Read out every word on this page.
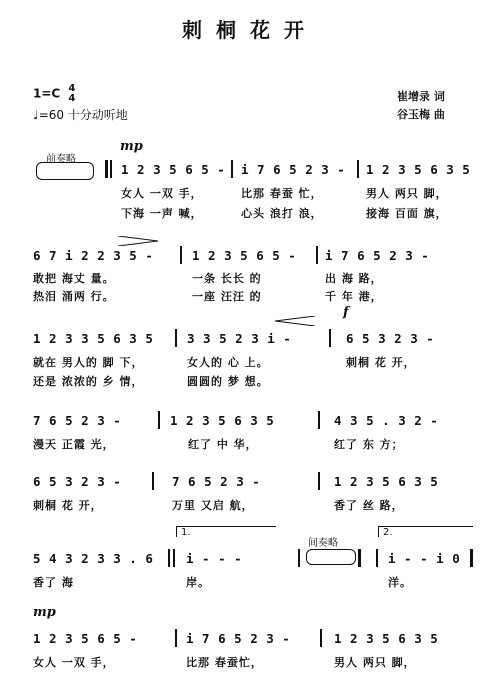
刺桐花开
1=C 4
4
♩=60 十分动听地
崔增录 词
谷玉梅 曲
前奏略
mp
1 2 3 5 6 5 - i 7 6 5 2 3 - 1 2 3 5 6 3 5
女人 一双 手，	比那 春蚕 忙，	男人 两只 脚，
下海 一声 喊，	心头 浪打 浪，	接海 百面 旗，
6 7 i 2 2 3 5 -	1 2 3 5 6 5 - i 7 6 5 2 3 -
敢把 海丈 量。	一条 长长 的	出 海 路，
热泪 涌两 行。	一座 汪汪 的	千 年 港，
f
1 2 3 3 5 6 3 5	3 3 5 2 3 i -	6 5 3 2 3 -
就在 男人的 脚 下，	女人的 心 上。	刺桐 花 开，
还是 浓浓的 乡 情，	圆圆的 梦 想。
7 6 5 2 3 -	1 2 3 5 6 3 5	4 3 5 . 3 2 -
漫天 正霞 光，	红了 中 华，	红了 东 方；
6 5 3 2 3 -	7 6 5 2 3 -	1 2 3 5 6 3 5
刺桐 花 开，	万里 又启 航，	香了 丝 路，
1.	2.
间奏略
5 4 3 2 3 3 . 6	i - - -	i - - i 0
香了 海	岸。	洋。
mp
1 2 3 5 6 5 -	i 7 6 5 2 3 -	1 2 3 5 6 3 5
女人 一双 手，	比那 春蚕忙，	男人 两只 脚，
